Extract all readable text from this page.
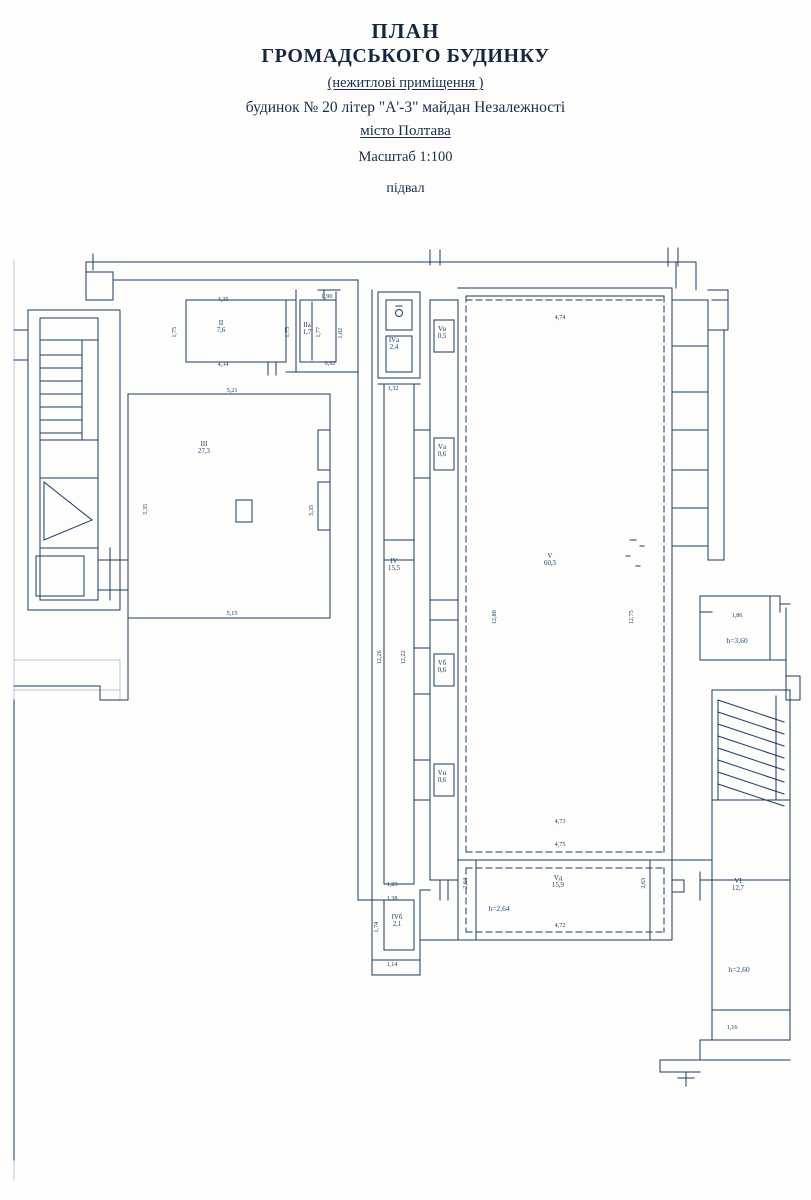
ПЛАН
ГРОМАДСЬКОГО БУДИНКУ
(нежитлові приміщення )
будинок № 20 літер "А'-3" майдан Незалежності
місто Полтава
Масштаб 1:100
підвал
II
7,6
IIа
1,7
III
27,3
IVа
2,4
IV
15,5
IVб
2,1
V
60,3
Vа
0,6
Vб
0,6
Vв
0,5
Vн
0,6
VI
12,7
Vд
15,9
h=3,60
h=2,64
h=2,60
4,35
4,34
1,75	1,75
0,90
1,82
1,77
0,92
5,21
5,15
5,35	5,35
1,32
12,26	12,22
1,25
1,38
1,74
1,14
4,74
12,80	12,75
4,73
4,75
4,72
2,64	2,63
1,86
1,16
